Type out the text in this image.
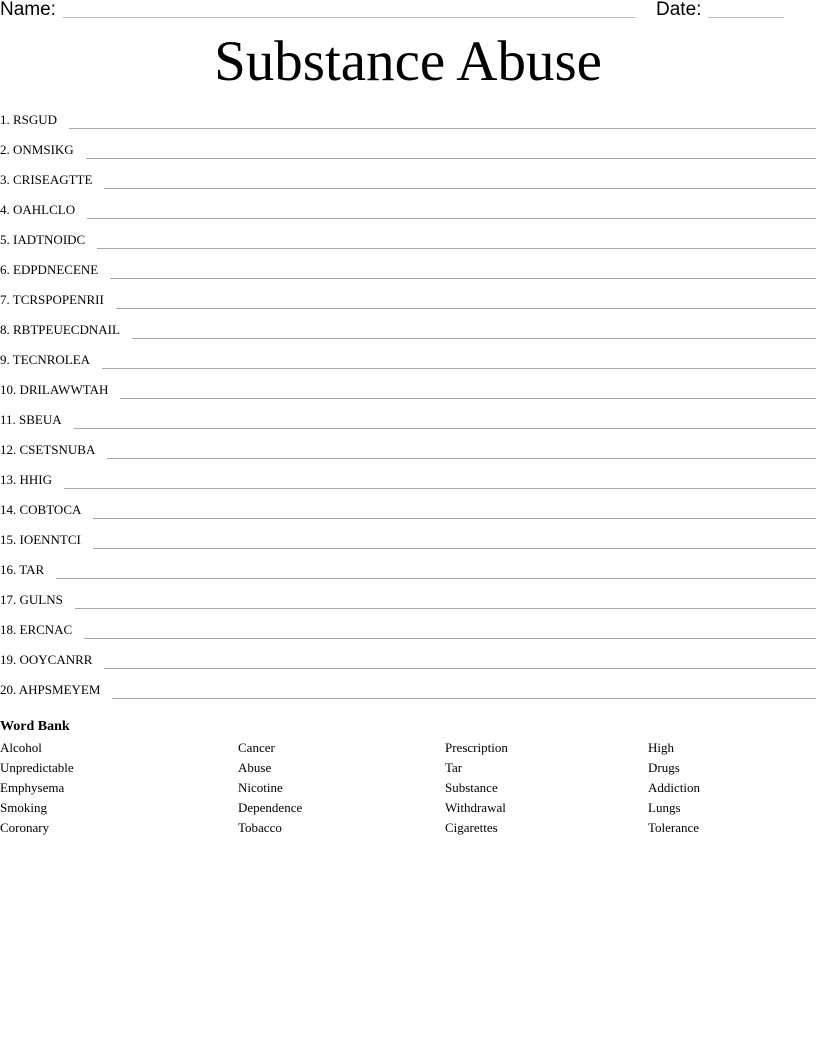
Name:	Date:
Substance Abuse
1. RSGUD
2. ONMSIKG
3. CRISEAGTTE
4. OAHLCLO
5. IADTNOIDC
6. EDPDNECENE
7. TCRSPOPENRII
8. RBTPEUECDNAIL
9. TECNROLEA
10. DRILAWWTAH
11. SBEUA
12. CSETSNUBA
13. HHIG
14. COBTOCA
15. IOENNTCI
16. TAR
17. GULNS
18. ERCNAC
19. OOYCANRR
20. AHPSMEYEM
Word Bank
Alcohol
Unpredictable
Emphysema
Smoking
Coronary
Cancer
Abuse
Nicotine
Dependence
Tobacco
Prescription
Tar
Substance
Withdrawal
Cigarettes
High
Drugs
Addiction
Lungs
Tolerance
